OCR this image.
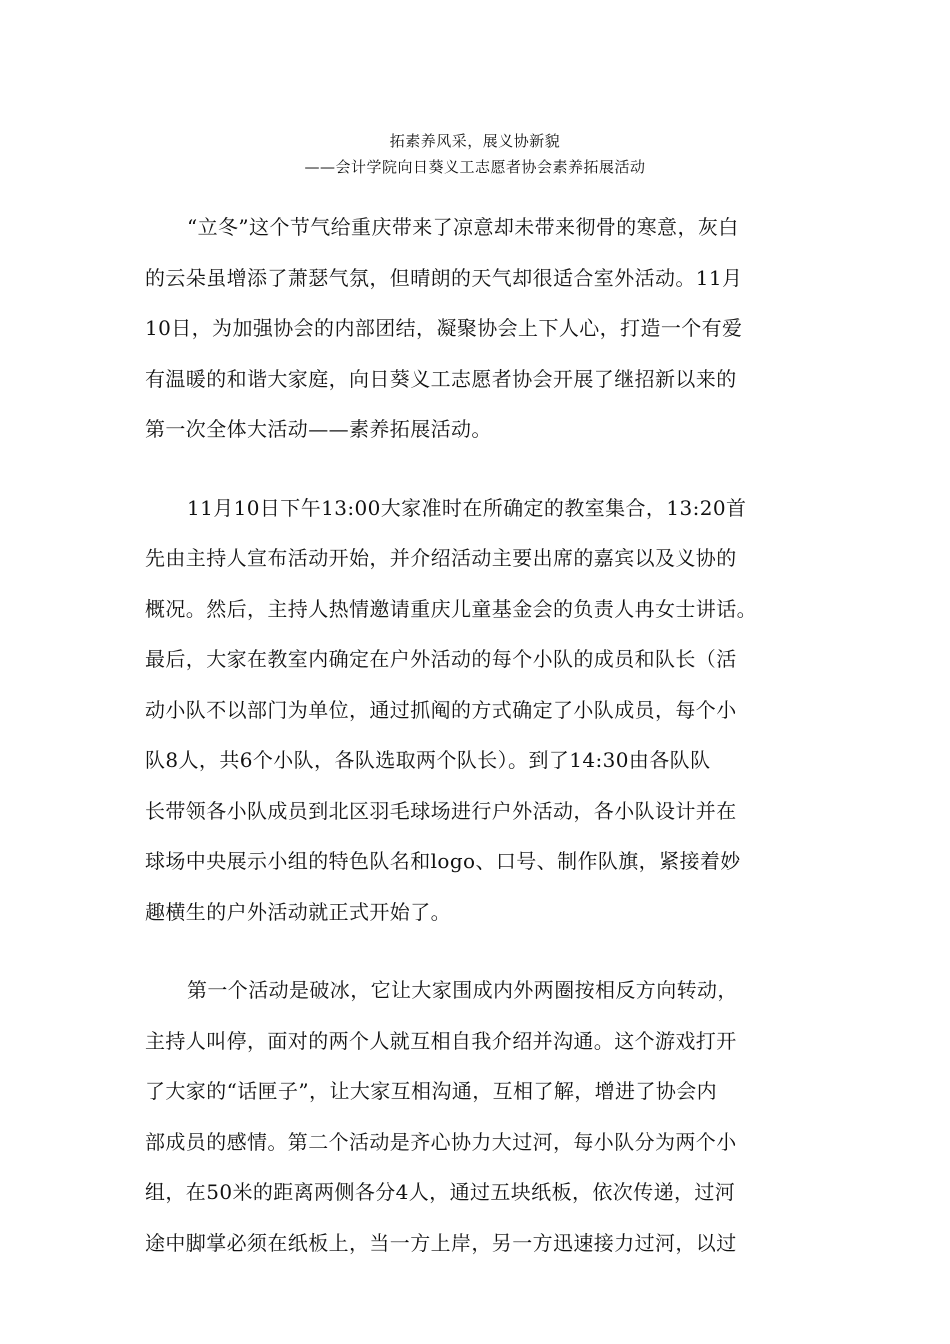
拓素养风采，展义协新貌
——会计学院向日葵义工志愿者协会素养拓展活动
“立冬”这个节气给重庆带来了凉意却未带来彻骨的寒意，灰白
的云朵虽增添了萧瑟气氛，但晴朗的天气却很适合室外活动。11月
10日，为加强协会的内部团结，凝聚协会上下人心，打造一个有爱
有温暖的和谐大家庭，向日葵义工志愿者协会开展了继招新以来的
第一次全体大活动——素养拓展活动。
11月10日下午13:00大家准时在所确定的教室集合，13:20首
先由主持人宣布活动开始，并介绍活动主要出席的嘉宾以及义协的
概况。然后，主持人热情邀请重庆儿童基金会的负责人冉女士讲话。
最后，大家在教室内确定在户外活动的每个小队的成员和队长（活
动小队不以部门为单位，通过抓阄的方式确定了小队成员，每个小
队8人，共6个小队，各队选取两个队长）。到了14:30由各队队
长带领各小队成员到北区羽毛球场进行户外活动，各小队设计并在
球场中央展示小组的特色队名和logo、口号、制作队旗，紧接着妙
趣横生的户外活动就正式开始了。
第一个活动是破冰，它让大家围成内外两圈按相反方向转动，
主持人叫停，面对的两个人就互相自我介绍并沟通。这个游戏打开
了大家的“话匣子”，让大家互相沟通，互相了解，增进了协会内
部成员的感情。第二个活动是齐心协力大过河，每小队分为两个小
组，在50米的距离两侧各分4人，通过五块纸板，依次传递，过河
途中脚掌必须在纸板上，当一方上岸，另一方迅速接力过河，以过
